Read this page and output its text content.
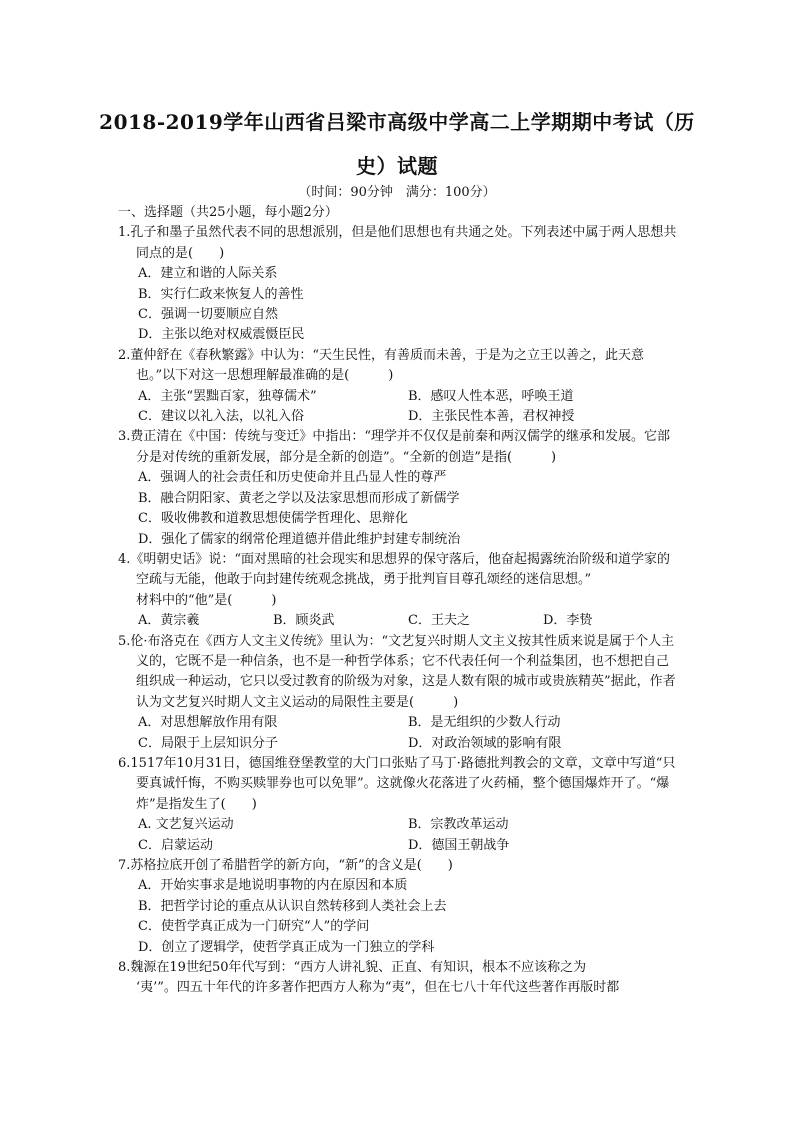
2018-2019学年山西省吕梁市高级中学高二上学期期中考试（历史）试题
（时间：90分钟　满分：100分）
一、选择题（共25小题，每小题2分）
1.孔子和墨子虽然代表不同的思想派别，但是他们思想也有共通之处。下列表述中属于两人思想共同点的是(　　)
A．建立和谐的人际关系
B．实行仁政来恢复人的善性
C．强调一切要顺应自然
D．主张以绝对权威震慑臣民
2.董仲舒在《春秋繁露》中认为：“天生民性，有善质而未善，于是为之立王以善之，此天意也。”以下对这一思想理解最准确的是(　　　)
A．主张“罢黜百家，独尊儒术”	B．感叹人性本恶，呼唤王道
C．建议以礼入法，以礼入俗	D．主张民性本善，君权神授
3.费正清在《中国：传统与变迁》中指出：“理学并不仅仅是前秦和两汉儒学的继承和发展。它部分是对传统的重新发展，部分是全新的创造”。“全新的创造”是指(　　　)
A．强调人的社会责任和历史使命并且凸显人性的尊严
B．融合阴阳家、黄老之学以及法家思想而形成了新儒学
C．吸收佛教和道教思想使儒学哲理化、思辩化
D．强化了儒家的纲常伦理道德并借此维护封建专制统治
4.《明朝史话》说：“面对黑暗的社会现实和思想界的保守落后，他奋起揭露统治阶级和道学家的空疏与无能，他敢于向封建传统观念挑战，勇于批判盲目尊孔颂经的迷信思想。”
材料中的“他”是(　　　)
A．黄宗羲	B．顾炎武	C．王夫之	D．李贽
5.伦·布洛克在《西方人文主义传统》里认为：“文艺复兴时期人文主义按其性质来说是属于个人主义的，它既不是一种信条，也不是一种哲学体系；它不代表任何一个利益集团，也不想把自己组织成一种运动，它只以受过教育的阶级为对象，这是人数有限的城市或贵族精英”据此，作者认为文艺复兴时期人文主义运动的局限性主要是(　　　)
A．对思想解放作用有限	B．是无组织的少数人行动
C．局限于上层知识分子	D．对政治领域的影响有限
6.1517年10月31日，德国维登堡教堂的大门口张贴了马丁·路德批判教会的文章，文章中写道“只要真诚忏悔，不购买赎罪券也可以免罪”。这就像火花落进了火药桶，整个德国爆炸开了。“爆炸”是指发生了(　　)
A. 文艺复兴运动	B．宗教改革运动
C．启蒙运动	D．德国王朝战争
7.苏格拉底开创了希腊哲学的新方向，“新”的含义是(　　)
A．开始实事求是地说明事物的内在原因和本质
B．把哲学讨论的重点从认识自然转移到人类社会上去
C．使哲学真正成为一门研究“人”的学问
D．创立了逻辑学，使哲学真正成为一门独立的学科
8.魏源在19世纪50年代写到：“西方人讲礼貌、正直、有知识，根本不应该称之为
‘夷’”。四五十年代的许多著作把西方人称为“夷”，但在七八十年代这些著作再版时都
